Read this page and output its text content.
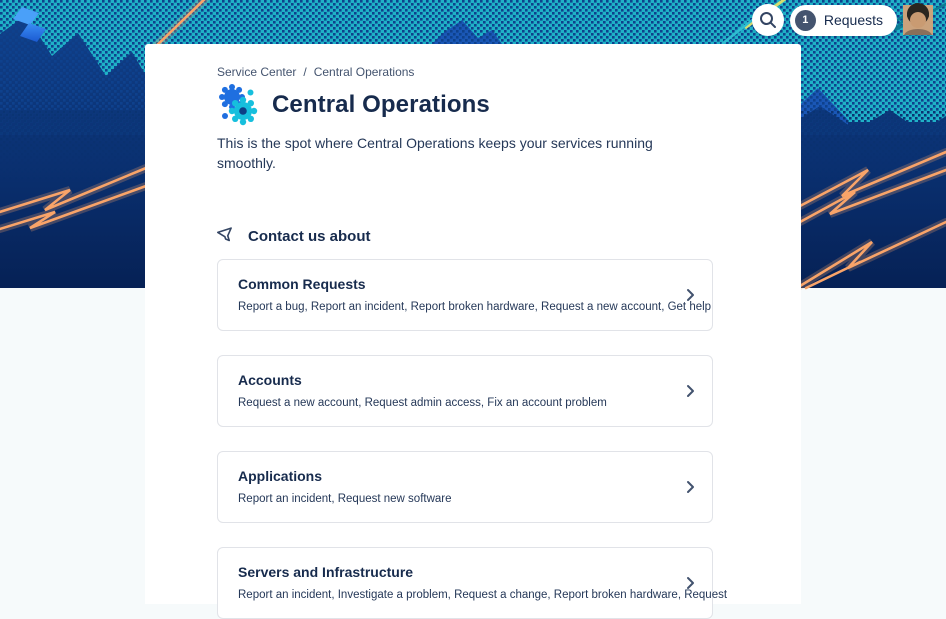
1	Requests
Service Center / Central Operations
Central Operations

This is the spot where Central Operations keeps your services running smoothly.

Contact us about
Common Requests
Report a bug, Report an incident, Report broken hardware, Request a new account, Get help
Accounts
Request a new account, Request admin access, Fix an account problem
Applications
Report an incident, Request new software
Servers and Infrastructure
Report an incident, Investigate a problem, Request a change, Report broken hardware, Request
